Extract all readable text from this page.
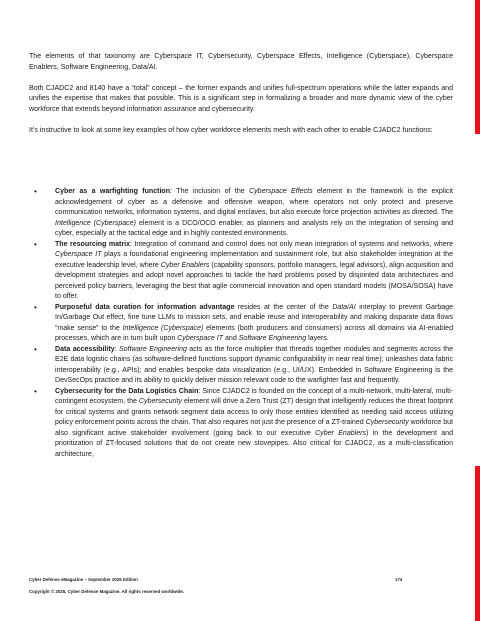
The elements of that taxonomy are Cyberspace IT, Cybersecurity, Cyberspace Effects, Intelligence (Cyberspace), Cyberspace Enablers, Software Engineering, Data/AI.

Both CJADC2 and 8140 have a “total” concept – the former expands and unifies full-spectrum operations while the latter expands and unifies the expertise that makes that possible. This is a significant step in formalizing a broader and more dynamic view of the cyber workforce that extends beyond information assurance and cybersecurity.

It’s instructive to look at some key examples of how cyber workforce elements mesh with each other to enable CJADC2 functions:

•	Cyber as a warfighting function: The inclusion of the Cyberspace Effects element in the framework is the explicit acknowledgement of cyber as a defensive and offensive weapon, where operators not only protect and preserve communication networks, information systems, and digital enclaves, but also execute force projection activities as directed. The Intelligence (Cyberspace) element is a DCO/OCO enabler, as planners and analysts rely on the integration of sensing and cyber, especially at the tactical edge and in highly contested environments.
•	The resourcing matrix: Integration of command and control does not only mean integration of systems and networks, where Cyberspace IT plays a foundational engineering implementation and sustainment role, but also stakeholder integration at the executive leadership level, where Cyber Enablers (capability sponsors, portfolio managers, legal advisors), align acquisition and development strategies and adopt novel approaches to tackle the hard problems posed by disjointed data architectures and perceived policy barriers, leveraging the best that agile commercial innovation and open standard models (MOSA/SOSA) have to offer.
•	Purposeful data curation for information advantage resides at the center of the Data/AI interplay to prevent Garbage In/Garbage Out effect, fine tune LLMs to mission sets, and enable reuse and interoperability and making disparate data flows “make sense” to the Intelligence (Cyberspace) elements (both producers and consumers) across all domains via AI-enabled processes, which are in turn built upon Cyberspace IT and Software Engineering layers.
•	Data accessibility: Software Engineering acts as the force multiplier that threads together modules and segments across the E2E data logistic chains (as software-defined functions support dynamic configurability in near real time); unleashes data fabric interoperability (e.g., APIs); and enables bespoke data visualization (e.g., UI/UX). Embedded in Software Engineering is the DevSecOps practice and its ability to quickly deliver mission relevant code to the warfighter fast and frequently.
•	Cybersecurity for the Data Logistics Chain: Since CJADC2 is founded on the concept of a multi-network, multi-lateral, multi-contingent ecosystem, the Cybersecurity element will drive a Zero Trust (ZT) design that intelligently reduces the threat footprint for critical systems and grants network segment data access to only those entities identified as needing said access utilizing policy enforcement points across the chain. That also requires not just the presence of a ZT-trained Cybersecurity workforce but also significant active stakeholder involvement (going back to our executive Cyber Enablers) in the development and prioritization of ZT-focused solutions that do not create new stovepipes. Also critical for CJADC2, as a multi-classification architecture,
Cyber Defense eMagazine – September 2025 Edition	174
Copyright © 2025, Cyber Defense Magazine. All rights reserved worldwide.
